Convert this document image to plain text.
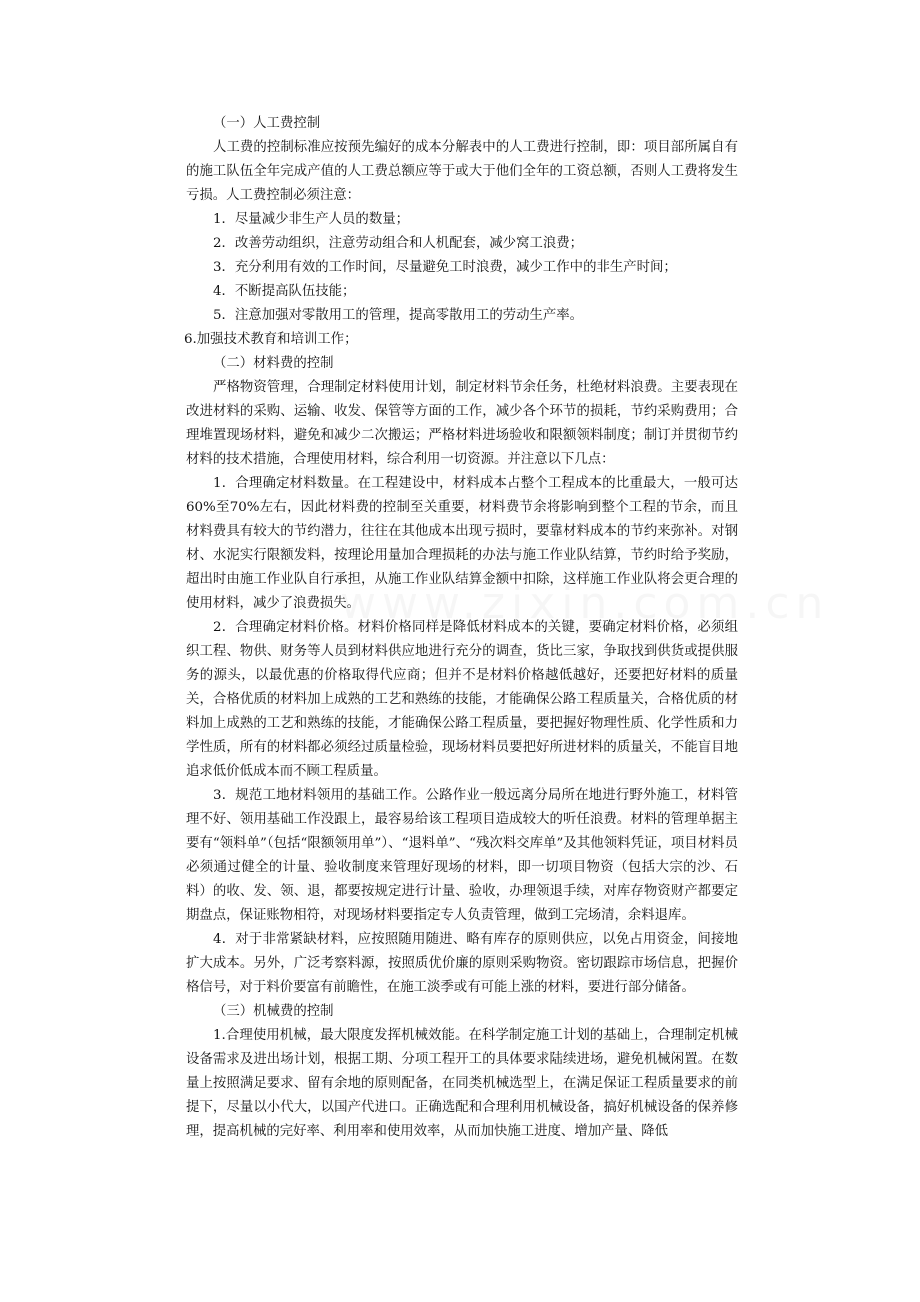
（一）人工费控制

人工费的控制标准应按预先编好的成本分解表中的人工费进行控制，即：项目部所属自有的施工队伍全年完成产值的人工费总额应等于或大于他们全年的工资总额，否则人工费将发生亏损。人工费控制必须注意：

1．尽量减少非生产人员的数量；

2．改善劳动组织，注意劳动组合和人机配套，减少窝工浪费；

3．充分利用有效的工作时间，尽量避免工时浪费，减少工作中的非生产时间；

4．不断提高队伍技能；

5．注意加强对零散用工的管理，提高零散用工的劳动生产率。

6.加强技术教育和培训工作；

（二）材料费的控制

严格物资管理，合理制定材料使用计划，制定材料节余任务，杜绝材料浪费。主要表现在改进材料的采购、运输、收发、保管等方面的工作，减少各个环节的损耗，节约采购费用；合理堆置现场材料，避免和减少二次搬运；严格材料进场验收和限额领料制度；制订并贯彻节约材料的技术措施，合理使用材料，综合利用一切资源。并注意以下几点：

1．合理确定材料数量。在工程建设中，材料成本占整个工程成本的比重最大，一般可达60%至70%左右，因此材料费的控制至关重要，材料费节余将影响到整个工程的节余，而且材料费具有较大的节约潜力，往往在其他成本出现亏损时，要靠材料成本的节约来弥补。对钢材、水泥实行限额发料，按理论用量加合理损耗的办法与施工作业队结算，节约时给予奖励，超出时由施工作业队自行承担，从施工作业队结算金额中扣除，这样施工作业队将会更合理的使用材料，减少了浪费损失。

2．合理确定材料价格。材料价格同样是降低材料成本的关键，要确定材料价格，必须组织工程、物供、财务等人员到材料供应地进行充分的调查，货比三家，争取找到供货或提供服务的源头，以最优惠的价格取得代应商；但并不是材料价格越低越好，还要把好材料的质量关，合格优质的材料加上成熟的工艺和熟练的技能，才能确保公路工程质量关，合格优质的材料加上成熟的工艺和熟练的技能，才能确保公路工程质量，要把握好物理性质、化学性质和力学性质，所有的材料都必须经过质量检验，现场材料员要把好所进材料的质量关，不能盲目地追求低价低成本而不顾工程质量。

3．规范工地材料领用的基础工作。公路作业一般远离分局所在地进行野外施工，材料管理不好、领用基础工作没跟上，最容易给该工程项目造成较大的听任浪费。材料的管理单据主要有“领料单”（包括“限额领用单”）、“退料单”、“残次料交库单”及其他领料凭证，项目材料员必须通过健全的计量、验收制度来管理好现场的材料，即一切项目物资（包括大宗的沙、石料）的收、发、领、退，都要按规定进行计量、验收，办理领退手续，对库存物资财产都要定期盘点，保证账物相符，对现场材料要指定专人负责管理，做到工完场清，余料退库。

4．对于非常紧缺材料，应按照随用随进、略有库存的原则供应，以免占用资金，间接地扩大成本。另外，广泛考察料源，按照质优价廉的原则采购物资。密切跟踪市场信息，把握价格信号，对于料价要富有前瞻性，在施工淡季或有可能上涨的材料，要进行部分储备。

（三）机械费的控制

1.合理使用机械，最大限度发挥机械效能。在科学制定施工计划的基础上，合理制定机械设备需求及进出场计划，根据工期、分项工程开工的具体要求陆续进场，避免机械闲置。在数量上按照满足要求、留有余地的原则配备，在同类机械选型上，在满足保证工程质量要求的前提下，尽量以小代大，以国产代进口。正确选配和合理利用机械设备，搞好机械设备的保养修理，提高机械的完好率、利用率和使用效率，从而加快施工进度、增加产量、降低
